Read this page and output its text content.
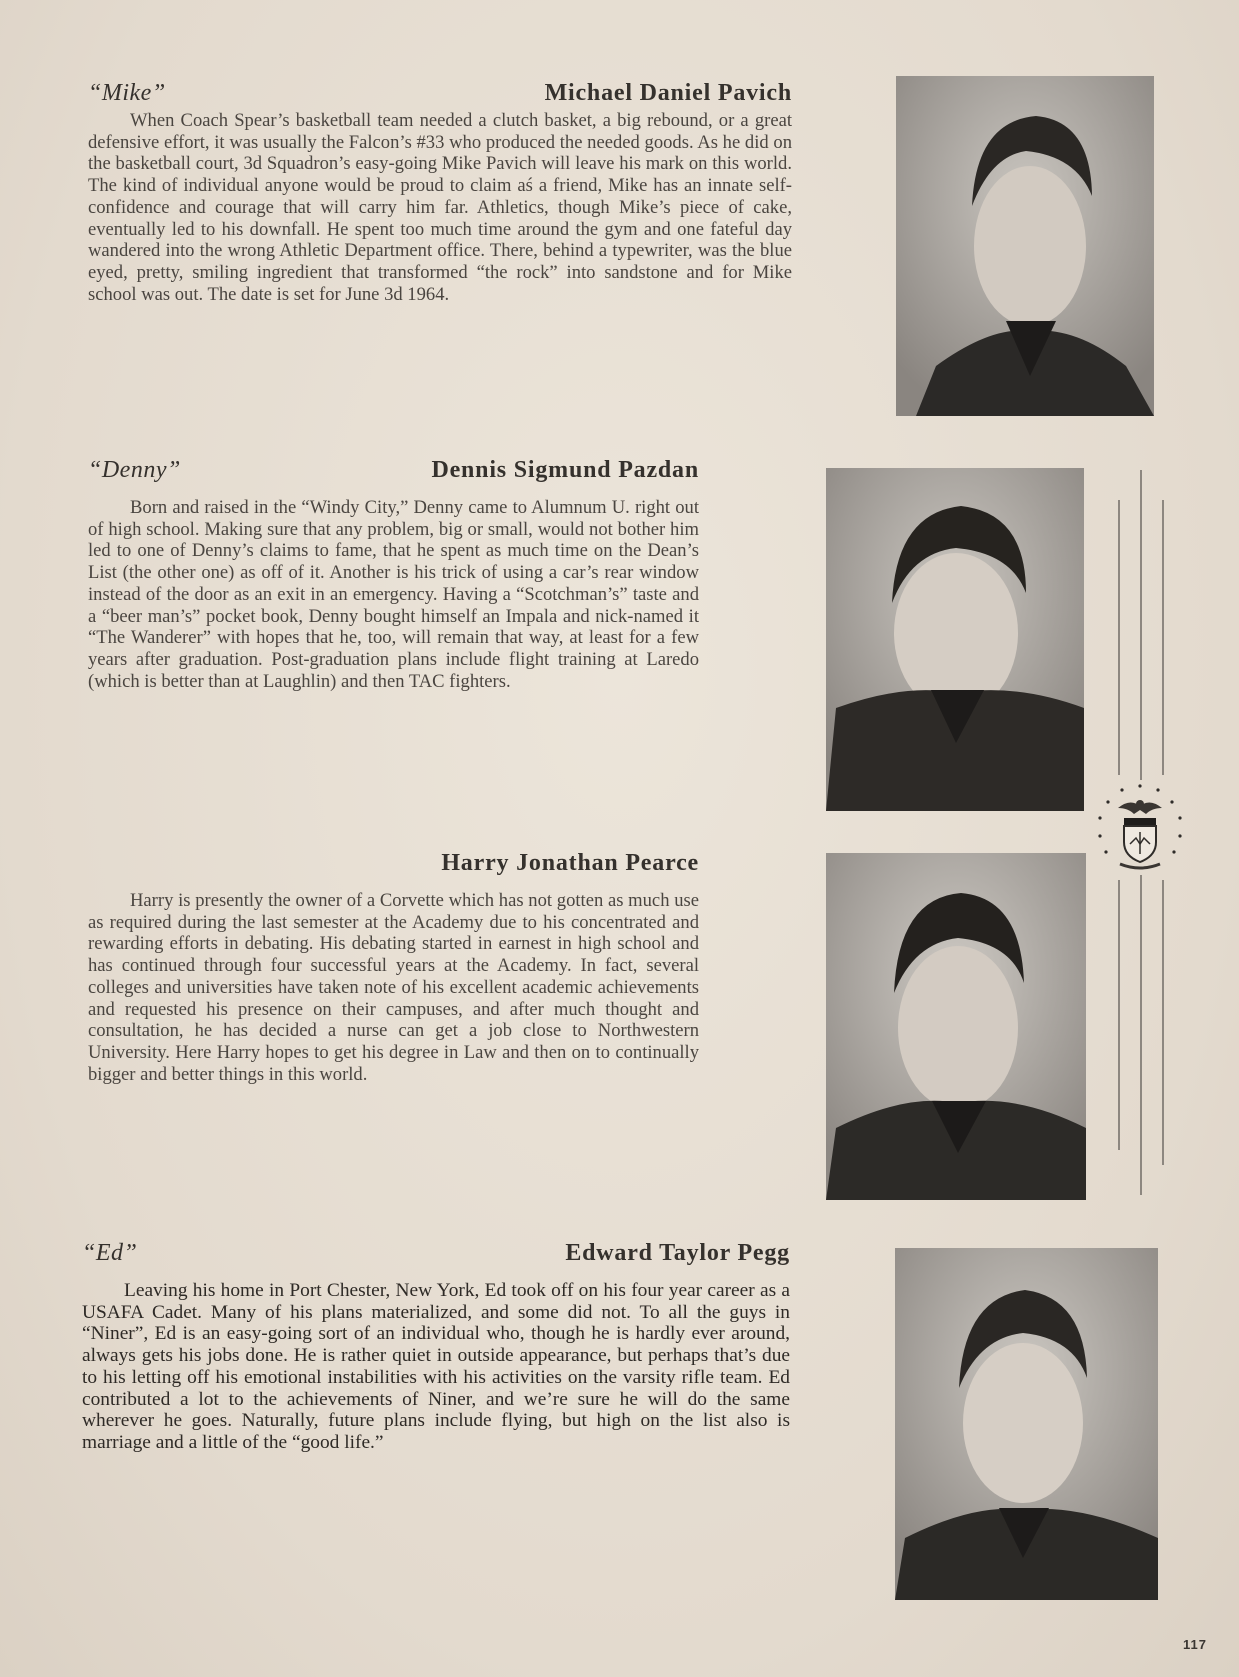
“Mike”	Michael Daniel Pavich

When Coach Spear’s basketball team needed a clutch basket, a big rebound, or a great defensive effort, it was usually the Falcon’s #33 who produced the needed goods. As he did on the basketball court, 3d Squadron’s easy-going Mike Pavich will leave his mark on this world. The kind of individual anyone would be proud to claim aś a friend, Mike has an innate self-confidence and courage that will carry him far. Athletics, though Mike’s piece of cake, eventually led to his downfall. He spent too much time around the gym and one fateful day wandered into the wrong Athletic Department office. There, behind a typewriter, was the blue eyed, pretty, smiling ingredient that transformed “the rock” into sandstone and for Mike school was out. The date is set for June 3d 1964.

“Denny”	Dennis Sigmund Pazdan

Born and raised in the “Windy City,” Denny came to Alumnum U. right out of high school. Making sure that any problem, big or small, would not bother him led to one of Denny’s claims to fame, that he spent as much time on the Dean’s List (the other one) as off of it. Another is his trick of using a car’s rear window instead of the door as an exit in an emergency. Having a “Scotchman’s” taste and a “beer man’s” pocket book, Denny bought himself an Impala and nick-named it “The Wanderer” with hopes that he, too, will remain that way, at least for a few years after graduation. Post-graduation plans include flight training at Laredo (which is better than at Laughlin) and then TAC fighters.

Harry Jonathan Pearce

Harry is presently the owner of a Corvette which has not gotten as much use as required during the last semester at the Academy due to his concentrated and rewarding efforts in debating. His debating started in earnest in high school and has continued through four successful years at the Academy. In fact, several colleges and universities have taken note of his excellent academic achievements and requested his presence on their campuses, and after much thought and consultation, he has decided a nurse can get a job close to Northwestern University. Here Harry hopes to get his degree in Law and then on to continually bigger and better things in this world.

“Ed”	Edward Taylor Pegg

Leaving his home in Port Chester, New York, Ed took off on his four year career as a USAFA Cadet. Many of his plans materialized, and some did not. To all the guys in “Niner”, Ed is an easy-going sort of an individual who, though he is hardly ever around, always gets his jobs done. He is rather quiet in outside appearance, but perhaps that’s due to his letting off his emotional instabilities with his activities on the varsity rifle team. Ed contributed a lot to the achievements of Niner, and we’re sure he will do the same wherever he goes. Naturally, future plans include flying, but high on the list also is marriage and a little of the “good life.”

117
